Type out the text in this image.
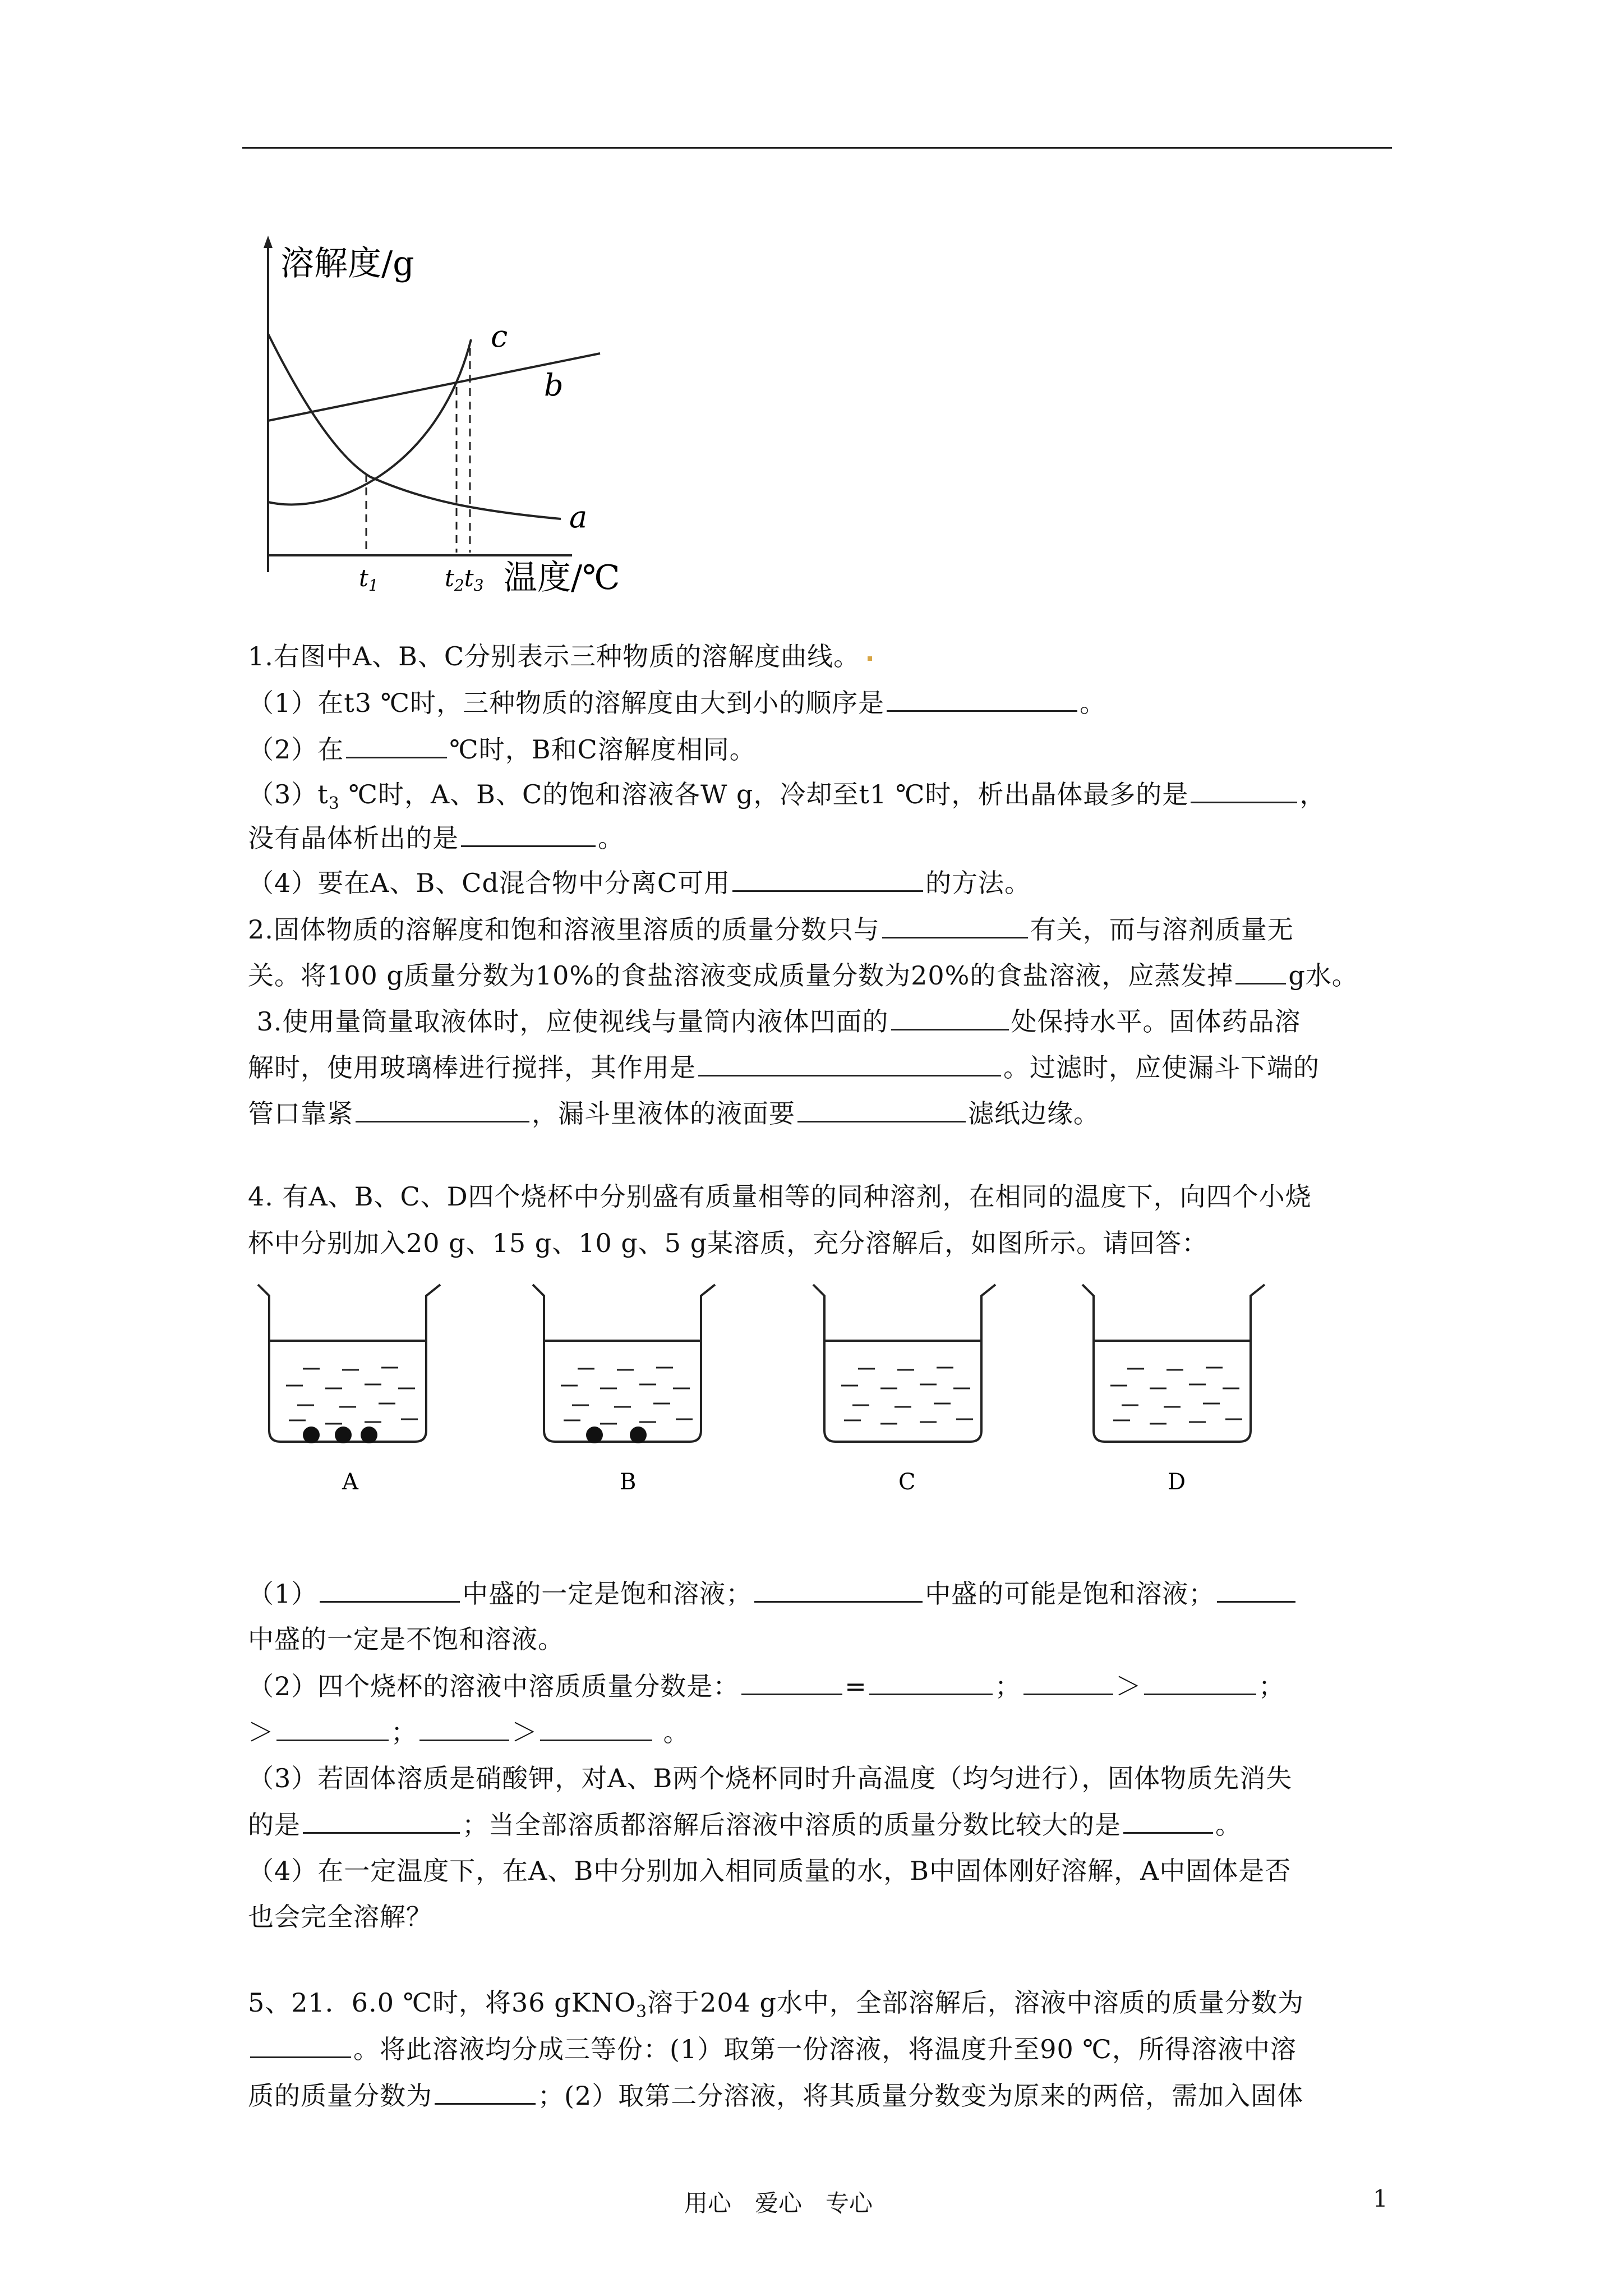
溶解度/g
c
b
a
t1	t2t3 温度/℃
1.右图中A、B、C分别表示三种物质的溶解度曲线。
（1）在t3 ℃时，三种物质的溶解度由大到小的顺序是	。
（2）在	℃时，B和C溶解度相同。
$(3)t_3$ ℃时，A、B、C的饱和溶液各W g，冷却至t1 ℃时，析出晶体最多的是	，
没有晶体析出的是	。
（4）要在A、B、Cd混合物中分离C可用	的方法。
2.固体物质的溶解度和饱和溶液里溶质的质量分数只与	有关，而与溶剂质量无
关。将100 g质量分数为10%的食盐溶液变成质量分数为20%的食盐溶液，应蒸发掉 g水。
3.使用量筒量取液体时，应使视线与量筒内液体凹面的	处保持水平。固体药品溶
解时，使用玻璃棒进行搅拌，其作用是	。过滤时，应使漏斗下端的
管口靠紧	，漏斗里液体的液面要	滤纸边缘。
4. 有A、B、C、D四个烧杯中分别盛有质量相等的同种溶剂，在相同的温度下，向四个小烧
杯中分别加入20 g、15 g、10 g、5 g某溶质，充分溶解后，如图所示。请回答：
A	B	C	D
（1）	中盛的一定是饱和溶液；	中盛的可能是饱和溶液；
中盛的一定是不饱和溶液。
（2）四个烧杯的溶液中溶质质量分数是：	=	；	＞	；
＞	；	＞	。
（3）若固体溶质是硝酸钾，对A、B两个烧杯同时升高温度（均匀进行），固体物质先消失
的是	；当全部溶质都溶解后溶液中溶质的质量分数比较大的是	。
（4）在一定温度下，在A、B中分别加入相同质量的水，B中固体刚好溶解，A中固体是否
也会完全溶解？
5、21．6.0 ℃时，将36 gKNO$_3$溶于204 g水中，全部溶解后，溶液中溶质的质量分数为
。将此溶液均分成三等份：(1）取第一份溶液，将温度升至90 ℃，所得溶液中溶
质的质量分数为	；(2）取第二分溶液，将其质量分数变为原来的两倍，需加入固体
用心　爱心　专心	1
